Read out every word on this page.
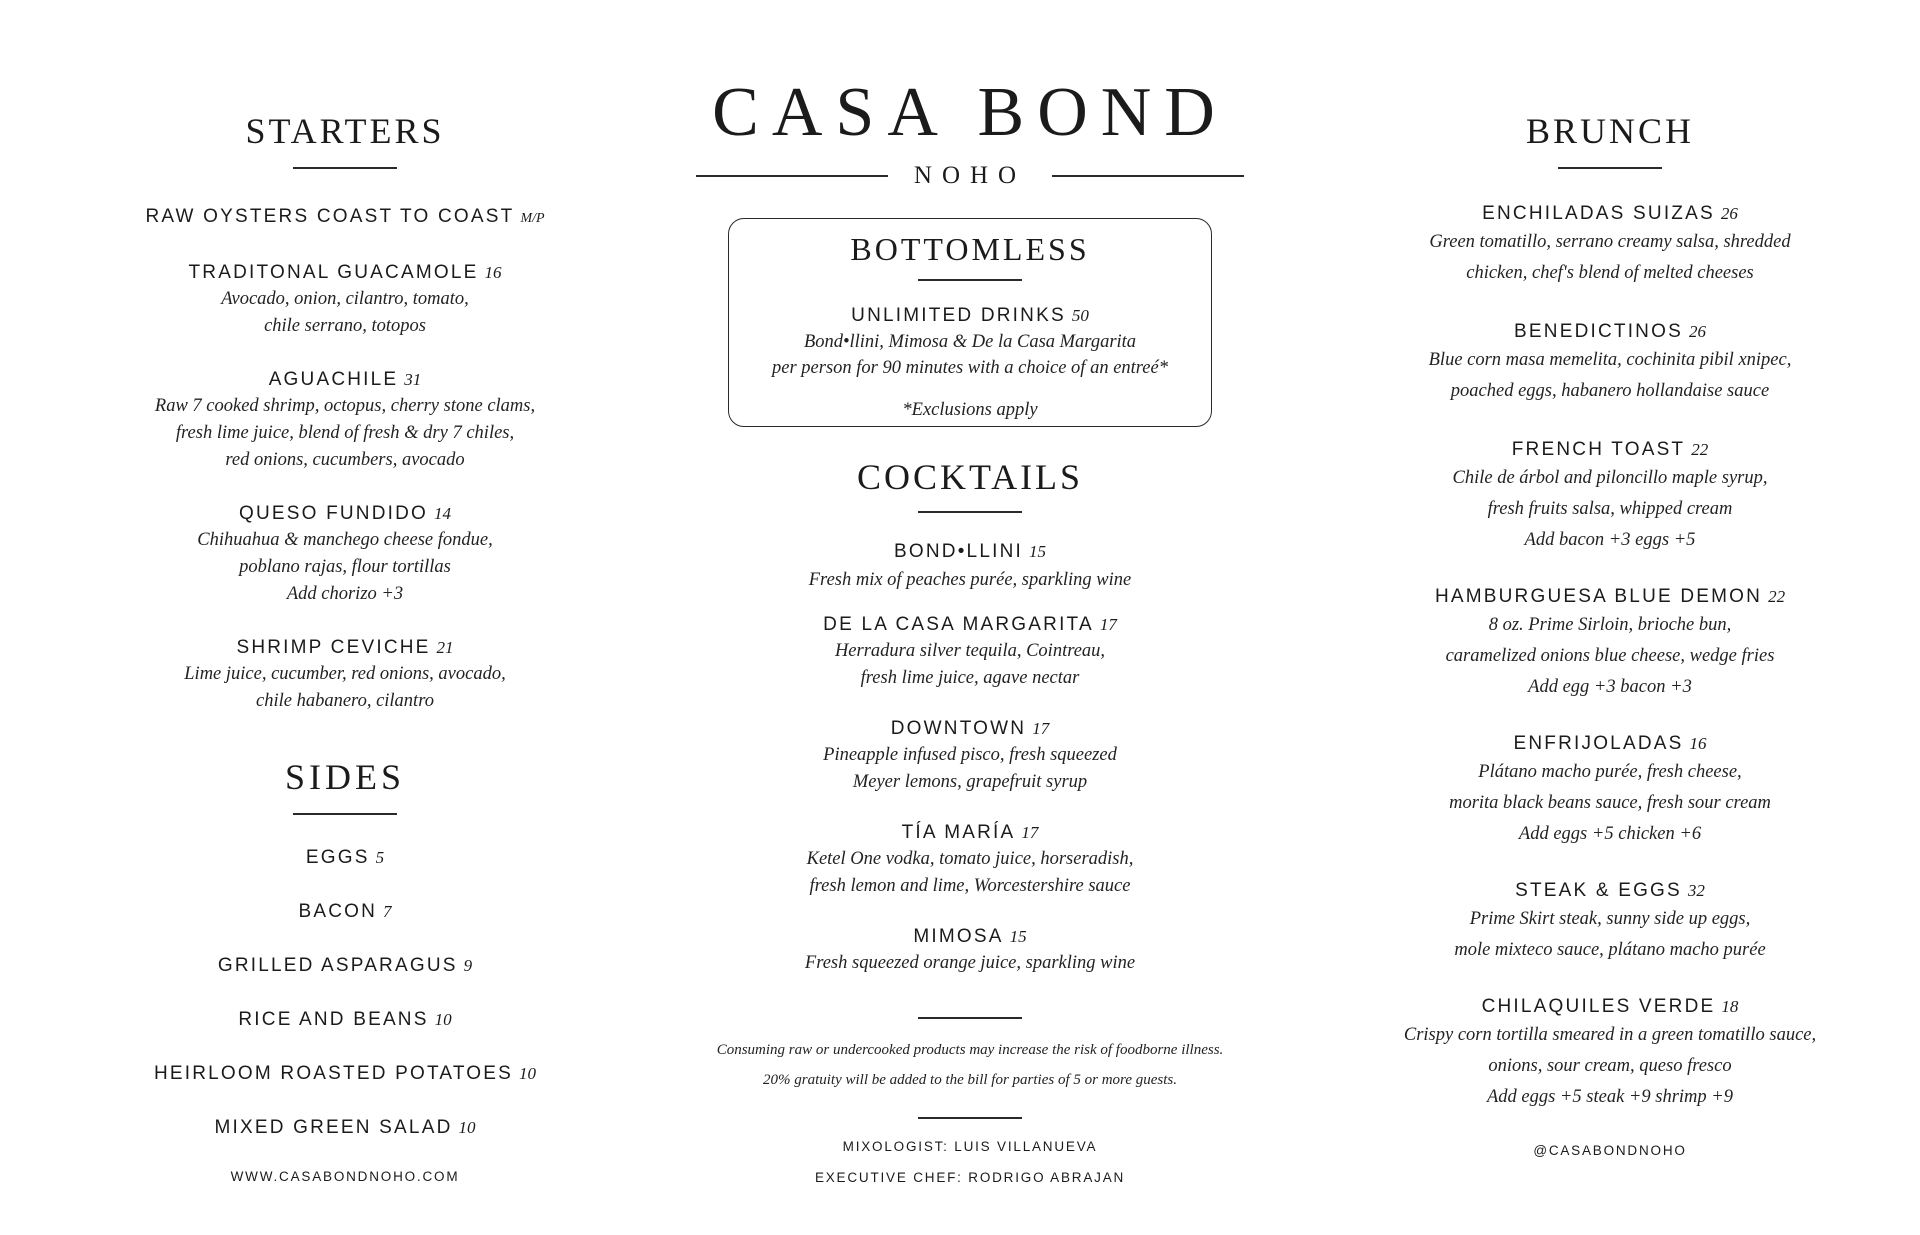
STARTERS
RAW OYSTERS COAST TO COAST M/P
TRADITONAL GUACAMOLE 16
Avocado, onion, cilantro, tomato,
chile serrano, totopos
AGUACHILE 31
Raw 7 cooked shrimp, octopus, cherry stone clams,
fresh lime juice, blend of fresh & dry 7 chiles,
red onions, cucumbers, avocado
QUESO FUNDIDO 14
Chihuahua & manchego cheese fondue,
poblano rajas, flour tortillas
Add chorizo +3
SHRIMP CEVICHE 21
Lime juice, cucumber, red onions, avocado,
chile habanero, cilantro
SIDES
EGGS 5
BACON 7
GRILLED ASPARAGUS 9
RICE AND BEANS 10
HEIRLOOM ROASTED POTATOES 10
MIXED GREEN SALAD 10
WWW.CASABONDNOHO.COM
CASA BOND
NOHO
BOTTOMLESS
UNLIMITED DRINKS 50
Bond•llini, Mimosa & De la Casa Margarita
per person for 90 minutes with a choice of an entreé*
*Exclusions apply
COCKTAILS
BOND•LLINI 15
Fresh mix of peaches purée, sparkling wine
DE LA CASA MARGARITA 17
Herradura silver tequila, Cointreau,
fresh lime juice, agave nectar
DOWNTOWN 17
Pineapple infused pisco, fresh squeezed
Meyer lemons, grapefruit syrup
TÍA MARÍA 17
Ketel One vodka, tomato juice, horseradish,
fresh lemon and lime, Worcestershire sauce
MIMOSA 15
Fresh squeezed orange juice, sparkling wine
Consuming raw or undercooked products may increase the risk of foodborne illness.
20% gratuity will be added to the bill for parties of 5 or more guests.
MIXOLOGIST: LUIS VILLANUEVA
EXECUTIVE CHEF: RODRIGO ABRAJAN
BRUNCH
ENCHILADAS SUIZAS 26
Green tomatillo, serrano creamy salsa, shredded
chicken, chef's blend of melted cheeses
BENEDICTINOS 26
Blue corn masa memelita, cochinita pibil xnipec,
poached eggs, habanero hollandaise sauce
FRENCH TOAST 22
Chile de árbol and piloncillo maple syrup,
fresh fruits salsa, whipped cream
Add bacon +3 eggs +5
HAMBURGUESA BLUE DEMON 22
8 oz. Prime Sirloin, brioche bun,
caramelized onions blue cheese, wedge fries
Add egg +3 bacon +3
ENFRIJOLADAS 16
Plátano macho purée, fresh cheese,
morita black beans sauce, fresh sour cream
Add eggs +5 chicken +6
STEAK & EGGS 32
Prime Skirt steak, sunny side up eggs,
mole mixteco sauce, plátano macho purée
CHILAQUILES VERDE 18
Crispy corn tortilla smeared in a green tomatillo sauce,
onions, sour cream, queso fresco
Add eggs +5 steak +9 shrimp +9
@CASABONDNOHO
